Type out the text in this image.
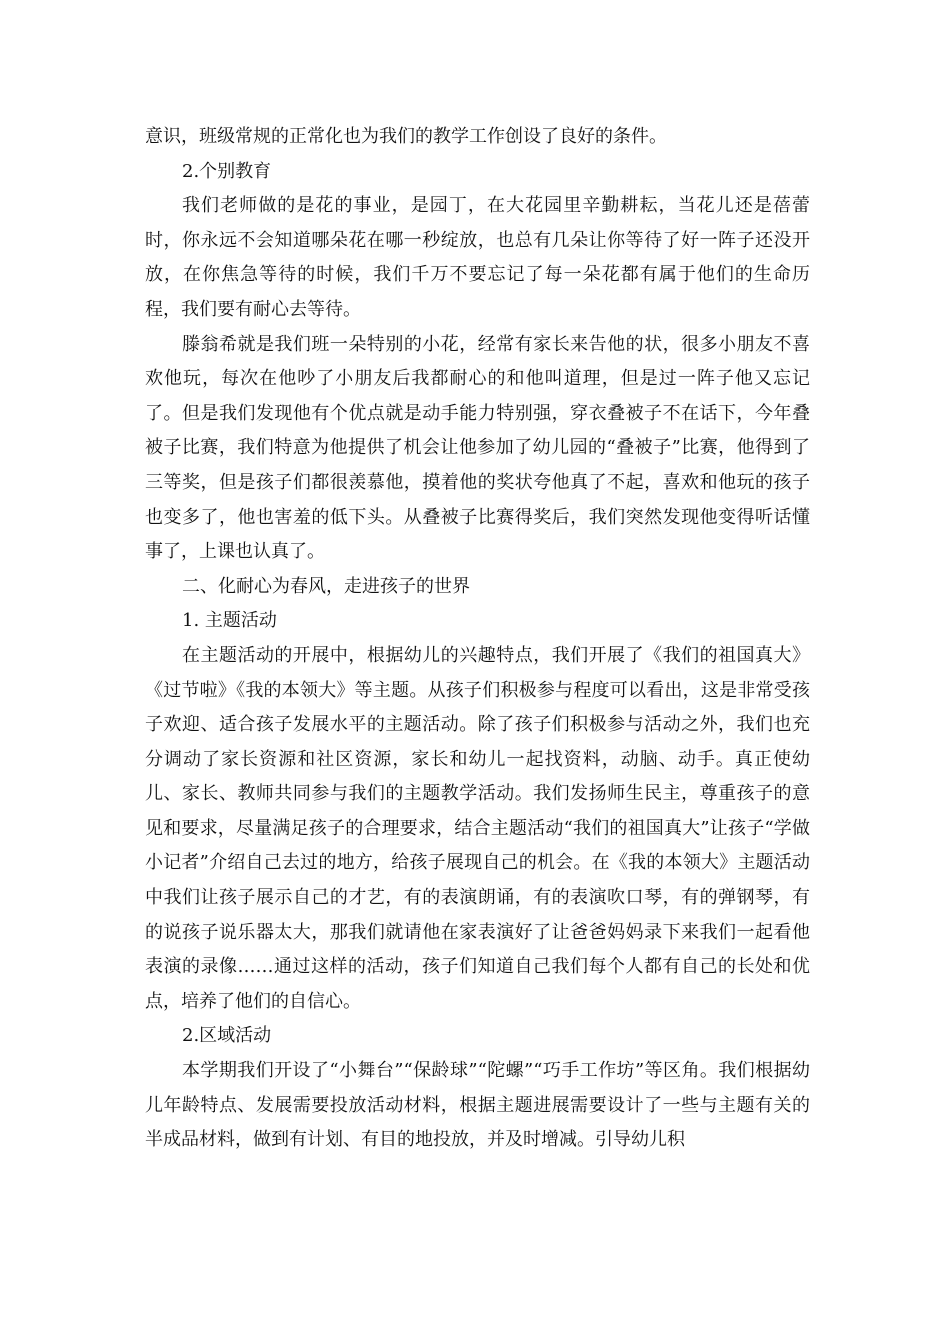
意识，班级常规的正常化也为我们的教学工作创设了良好的条件。

2.个别教育

我们老师做的是花的事业，是园丁，在大花园里辛勤耕耘，当花儿还是蓓蕾时，你永远不会知道哪朵花在哪一秒绽放，也总有几朵让你等待了好一阵子还没开放，在你焦急等待的时候，我们千万不要忘记了每一朵花都有属于他们的生命历程，我们要有耐心去等待。

滕翁希就是我们班一朵特别的小花，经常有家长来告他的状，很多小朋友不喜欢他玩，每次在他吵了小朋友后我都耐心的和他叫道理，但是过一阵子他又忘记了。但是我们发现他有个优点就是动手能力特别强，穿衣叠被子不在话下，今年叠被子比赛，我们特意为他提供了机会让他参加了幼儿园的“叠被子”比赛，他得到了三等奖，但是孩子们都很羡慕他，摸着他的奖状夸他真了不起，喜欢和他玩的孩子也变多了，他也害羞的低下头。从叠被子比赛得奖后，我们突然发现他变得听话懂事了，上课也认真了。

二、化耐心为春风，走进孩子的世界

1. 主题活动

在主题活动的开展中，根据幼儿的兴趣特点，我们开展了《我们的祖国真大》《过节啦》《我的本领大》等主题。从孩子们积极参与程度可以看出，这是非常受孩子欢迎、适合孩子发展水平的主题活动。除了孩子们积极参与活动之外，我们也充分调动了家长资源和社区资源，家长和幼儿一起找资料，动脑、动手。真正使幼儿、家长、教师共同参与我们的主题教学活动。我们发扬师生民主，尊重孩子的意见和要求，尽量满足孩子的合理要求，结合主题活动“我们的祖国真大”让孩子“学做小记者”介绍自己去过的地方，给孩子展现自己的机会。在《我的本领大》主题活动中我们让孩子展示自己的才艺，有的表演朗诵，有的表演吹口琴，有的弹钢琴，有的说孩子说乐器太大，那我们就请他在家表演好了让爸爸妈妈录下来我们一起看他表演的录像……通过这样的活动，孩子们知道自己我们每个人都有自己的长处和优点，培养了他们的自信心。

2.区域活动

本学期我们开设了“小舞台”“保龄球”“陀螺”“巧手工作坊”等区角。我们根据幼儿年龄特点、发展需要投放活动材料，根据主题进展需要设计了一些与主题有关的半成品材料，做到有计划、有目的地投放，并及时增减。引导幼儿积
